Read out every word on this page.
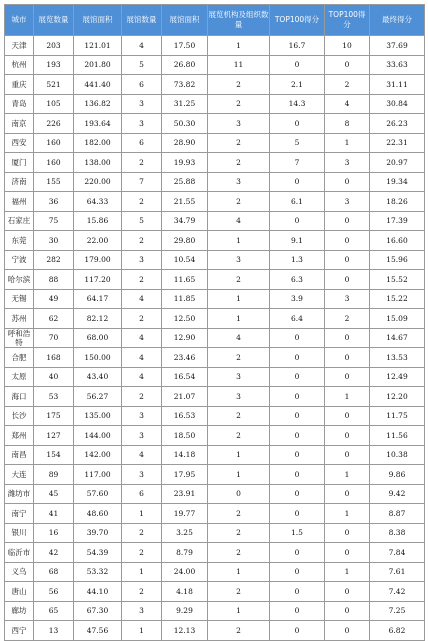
城市	展览数量	展馆面积	展馆数量	展馆面积	展览机构及组织数量	TOP100得分	TOP100得分	最终得分
天津	203	121.01	4	17.50	1	16.7	10	37.69
杭州	193	201.80	5	26.80	11	0	0	33.63
重庆	521	441.40	6	73.82	2	2.1	2	31.11
青岛	105	136.82	3	31.25	2	14.3	4	30.84
南京	226	193.64	3	50.30	3	0	8	26.23
西安	160	182.00	6	28.90	2	5	1	22.31
厦门	160	138.00	2	19.93	2	7	3	20.97
济南	155	220.00	7	25.88	3	0	0	19.34
福州	36	64.33	2	21.55	2	6.1	3	18.26
石家庄	75	15.86	5	34.79	4	0	0	17.39
东莞	30	22.00	2	29.80	1	9.1	0	16.60
宁波	282	179.00	3	10.54	3	1.3	0	15.96
哈尔滨	88	117.20	2	11.65	2	6.3	0	15.52
无锡	49	64.17	4	11.85	1	3.9	3	15.22
苏州	62	82.12	2	12.50	1	6.4	2	15.09
呼和浩特	70	68.00	4	12.90	4	0	0	14.67
合肥	168	150.00	4	23.46	2	0	0	13.53
太原	40	43.40	4	16.54	3	0	0	12.49
海口	53	56.27	2	21.07	3	0	1	12.20
长沙	175	135.00	3	16.53	2	0	0	11.75
郑州	127	144.00	3	18.50	2	0	0	11.56
南昌	154	142.00	4	14.18	1	0	0	10.38
大连	89	117.00	3	17.95	1	0	1	9.86
潍坊市	45	57.60	6	23.91	0	0	0	9.42
南宁	41	48.60	1	19.77	2	0	1	8.87
银川	16	39.70	2	3.25	2	1.5	0	8.38
临沂市	42	54.39	2	8.79	2	0	0	7.84
义乌	68	53.32	1	24.00	1	0	1	7.61
唐山	56	44.10	2	4.18	2	0	0	7.42
廊坊	65	67.30	3	9.29	1	0	0	7.25
西宁	13	47.56	1	12.13	2	0	0	6.82
